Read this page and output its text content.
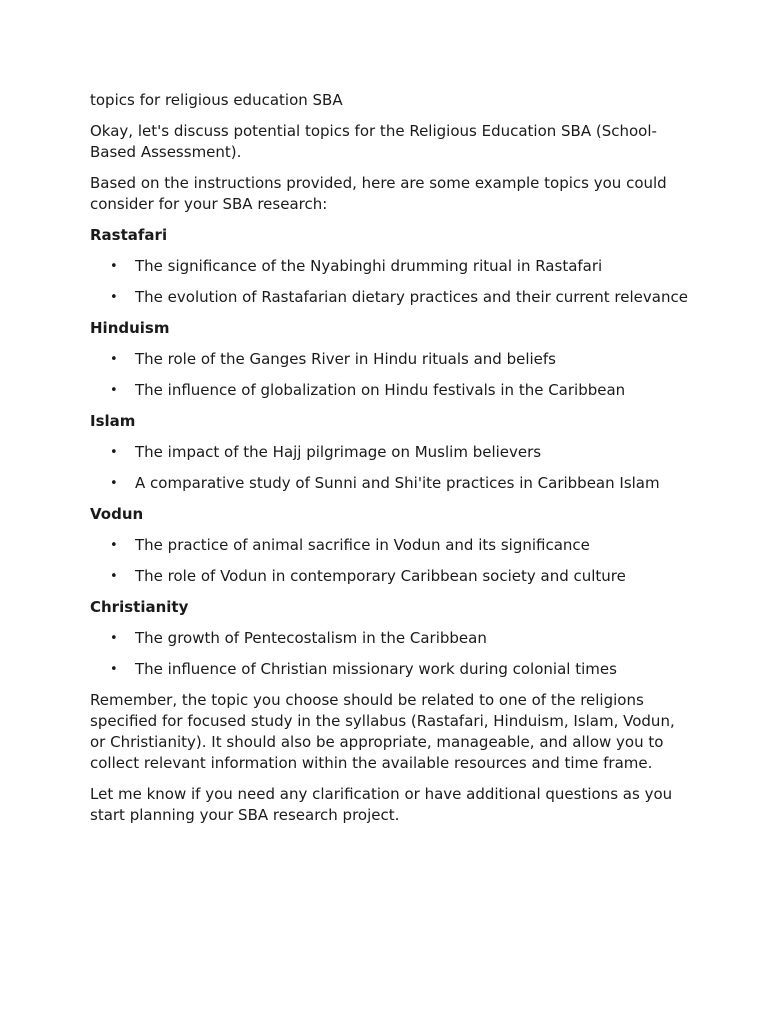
topics for religious education SBA

Okay, let's discuss potential topics for the Religious Education SBA (School-Based Assessment).

Based on the instructions provided, here are some example topics you could consider for your SBA research:

Rastafari
• The significance of the Nyabinghi drumming ritual in Rastafari
• The evolution of Rastafarian dietary practices and their current relevance
Hinduism
• The role of the Ganges River in Hindu rituals and beliefs
• The influence of globalization on Hindu festivals in the Caribbean
Islam
• The impact of the Hajj pilgrimage on Muslim believers
• A comparative study of Sunni and Shi'ite practices in Caribbean Islam
Vodun
• The practice of animal sacrifice in Vodun and its significance
• The role of Vodun in contemporary Caribbean society and culture
Christianity
• The growth of Pentecostalism in the Caribbean
• The influence of Christian missionary work during colonial times

Remember, the topic you choose should be related to one of the religions specified for focused study in the syllabus (Rastafari, Hinduism, Islam, Vodun, or Christianity). It should also be appropriate, manageable, and allow you to collect relevant information within the available resources and time frame.

Let me know if you need any clarification or have additional questions as you start planning your SBA research project.
